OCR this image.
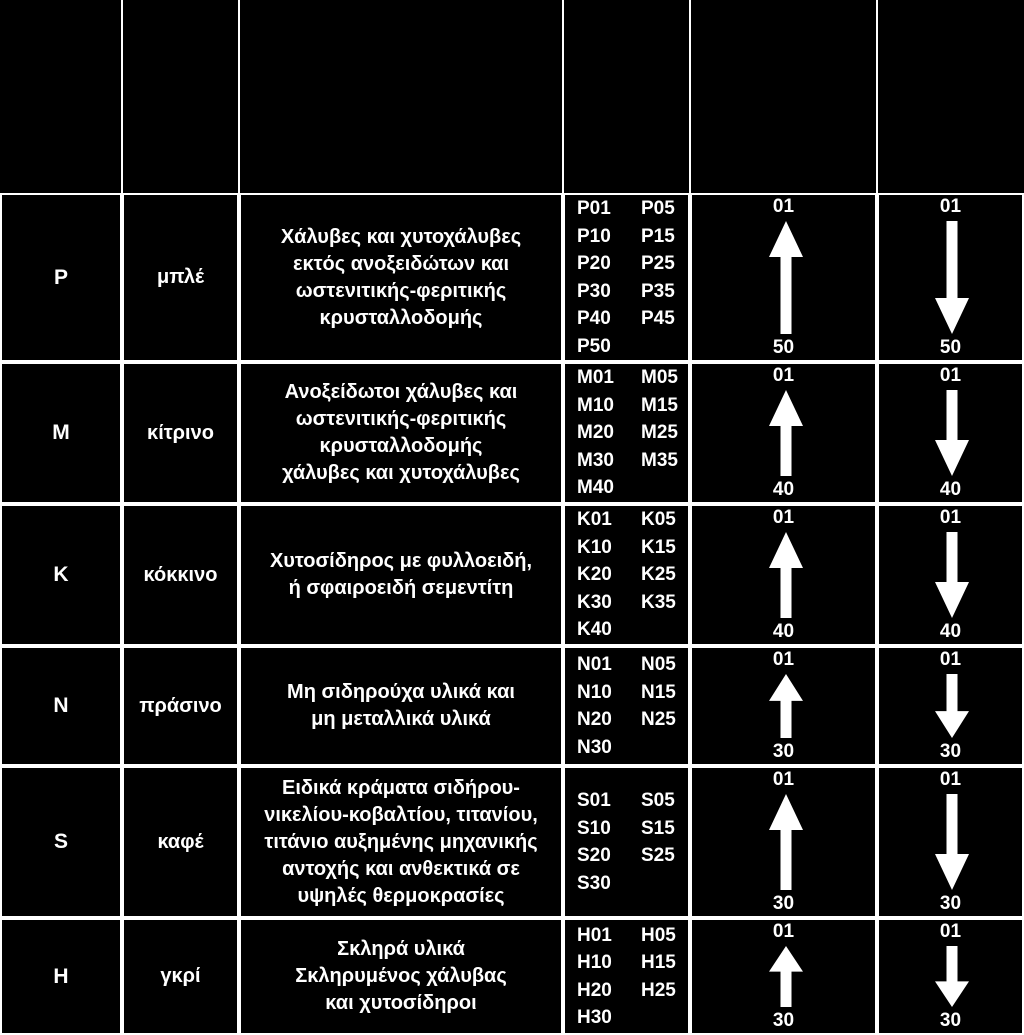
P	μπλέ
Χάλυβες και χυτοχάλυβες
εκτός ανοξειδώτων και
ωστενιτικής-φεριτικής
κρυσταλλοδομής
P01	P05
P10	P15
P20	P25
P30	P35
P40	P45
P50
01
50
01
50
M	κίτρινο
Ανοξείδωτοι χάλυβες και
ωστενιτικής-φεριτικής
κρυσταλλοδομής
χάλυβες και χυτοχάλυβες
M01	M05
M10	M15
M20	M25
M30	M35
M40
01
40
01
40
K	κόκκινο
Χυτοσίδηρος με φυλλοειδή,
ή σφαιροειδή σεμεντίτη
K01	K05
K10	K15
K20	K25
K30	K35
K40
01
40
01
40
N	πράσινο
Μη σιδηρούχα υλικά και
μη μεταλλικά υλικά
N01	N05
N10	N15
N20	N25
N30
01
30
01
30
S	καφέ
Ειδικά κράματα σιδήρου-
νικελίου-κοβαλτίου, τιτανίου,
τιτάνιο αυξημένης μηχανικής
αντοχής και ανθεκτικά σε
υψηλές θερμοκρασίες
S01	S05
S10	S15
S20	S25
S30
01
30
01
30
H	γκρί
Σκληρά υλικά
Σκληρυμένος χάλυβας
και χυτοσίδηροι
H01	H05
H10	H15
H20	H25
H30
01
30
01
30
